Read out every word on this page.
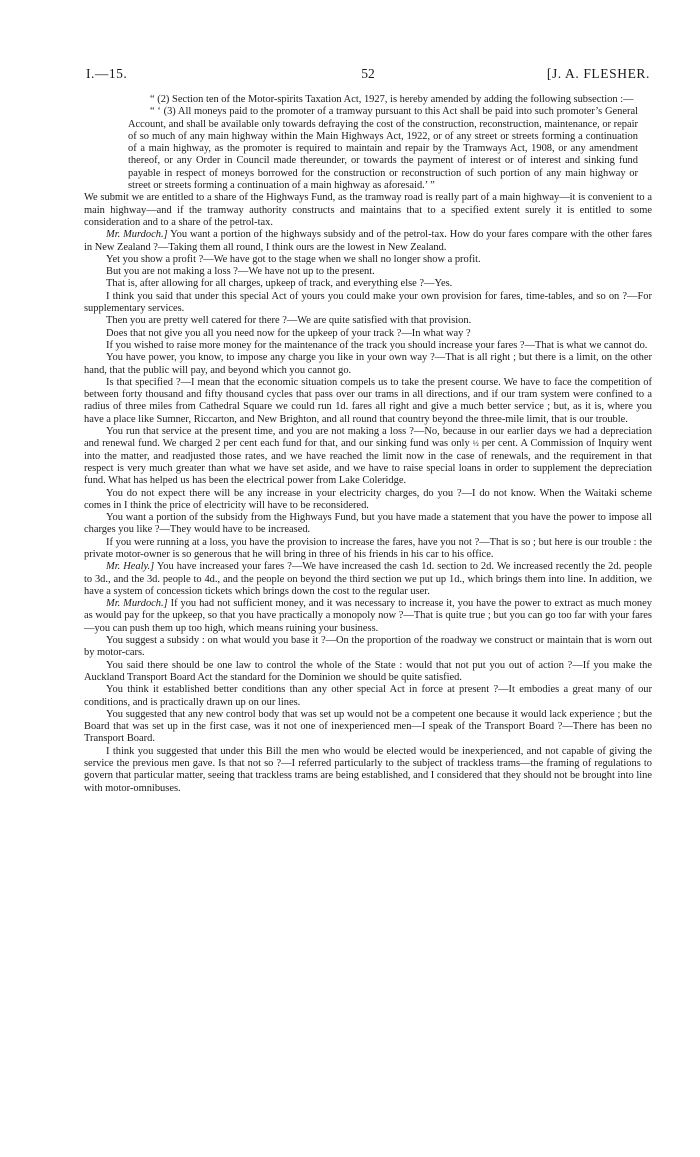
I.—15.	52	[J. A. FLESHER.

“ (2) Section ten of the Motor-spirits Taxation Act, 1927, is hereby amended by adding the following subsection :—

“ ‘ (3) All moneys paid to the promoter of a tramway pursuant to this Act shall be paid into such promoter’s General Account, and shall be available only towards defraying the cost of the construction, reconstruction, maintenance, or repair of so much of any main highway within the Main Highways Act, 1922, or of any street or streets forming a continuation of a main highway, as the promoter is required to maintain and repair by the Tramways Act, 1908, or any amendment thereof, or any Order in Council made thereunder, or towards the payment of interest or of interest and sinking fund payable in respect of moneys borrowed for the construction or reconstruction of such portion of any main highway or street or streets forming a continuation of a main highway as aforesaid.’ ”

We submit we are entitled to a share of the Highways Fund, as the tramway road is really part of a main highway—it is convenient to a main highway—and if the tramway authority constructs and maintains that to a specified extent surely it is entitled to some consideration and to a share of the petrol-tax.

Mr. Murdoch.] You want a portion of the highways subsidy and of the petrol-tax. How do your fares compare with the other fares in New Zealand ?—Taking them all round, I think ours are the lowest in New Zealand.

Yet you show a profit ?—We have got to the stage when we shall no longer show a profit.

But you are not making a loss ?—We have not up to the present.

That is, after allowing for all charges, upkeep of track, and everything else ?—Yes.

I think you said that under this special Act of yours you could make your own provision for fares, time-tables, and so on ?—For supplementary services.

Then you are pretty well catered for there ?—We are quite satisfied with that provision.

Does that not give you all you need now for the upkeep of your track ?—In what way ?

If you wished to raise more money for the maintenance of the track you should increase your fares ?—That is what we cannot do.

You have power, you know, to impose any charge you like in your own way ?—That is all right ; but there is a limit, on the other hand, that the public will pay, and beyond which you cannot go.

Is that specified ?—I mean that the economic situation compels us to take the present course. We have to face the competition of between forty thousand and fifty thousand cycles that pass over our trams in all directions, and if our tram system were confined to a radius of three miles from Cathedral Square we could run 1d. fares all right and give a much better service ; but, as it is, where you have a place like Sumner, Riccarton, and New Brighton, and all round that country beyond the three-mile limit, that is our trouble.

You run that service at the present time, and you are not making a loss ?—No, because in our earlier days we had a depreciation and renewal fund. We charged 2 per cent each fund for that, and our sinking fund was only ½ per cent. A Commission of Inquiry went into the matter, and readjusted those rates, and we have reached the limit now in the case of renewals, and the requirement in that respect is very much greater than what we have set aside, and we have to raise special loans in order to supplement the depreciation fund. What has helped us has been the electrical power from Lake Coleridge.

You do not expect there will be any increase in your electricity charges, do you ?—I do not know. When the Waitaki scheme comes in I think the price of electricity will have to be reconsidered.

You want a portion of the subsidy from the Highways Fund, but you have made a statement that you have the power to impose all charges you like ?—They would have to be increased.

If you were running at a loss, you have the provision to increase the fares, have you not ?—That is so ; but here is our trouble : the private motor-owner is so generous that he will bring in three of his friends in his car to his office.

Mr. Healy.] You have increased your fares ?—We have increased the cash 1d. section to 2d. We increased recently the 2d. people to 3d., and the 3d. people to 4d., and the people on beyond the third section we put up 1d., which brings them into line. In addition, we have a system of concession tickets which brings down the cost to the regular user.

Mr. Murdoch.] If you had not sufficient money, and it was necessary to increase it, you have the power to extract as much money as would pay for the upkeep, so that you have practically a monopoly now ?—That is quite true ; but you can go too far with your fares—you can push them up too high, which means ruining your business.

You suggest a subsidy : on what would you base it ?—On the proportion of the roadway we construct or maintain that is worn out by motor-cars.

You said there should be one law to control the whole of the State : would that not put you out of action ?—If you make the Auckland Transport Board Act the standard for the Dominion we should be quite satisfied.

You think it established better conditions than any other special Act in force at present ?—It embodies a great many of our conditions, and is practically drawn up on our lines.

You suggested that any new control body that was set up would not be a competent one because it would lack experience ; but the Board that was set up in the first case, was it not one of inexperienced men—I speak of the Transport Board ?—There has been no Transport Board.

I think you suggested that under this Bill the men who would be elected would be inexperienced, and not capable of giving the service the previous men gave. Is that not so ?—I referred particularly to the subject of trackless trams—the framing of regulations to govern that particular matter, seeing that trackless trams are being established, and I considered that they should not be brought into line with motor-omnibuses.
